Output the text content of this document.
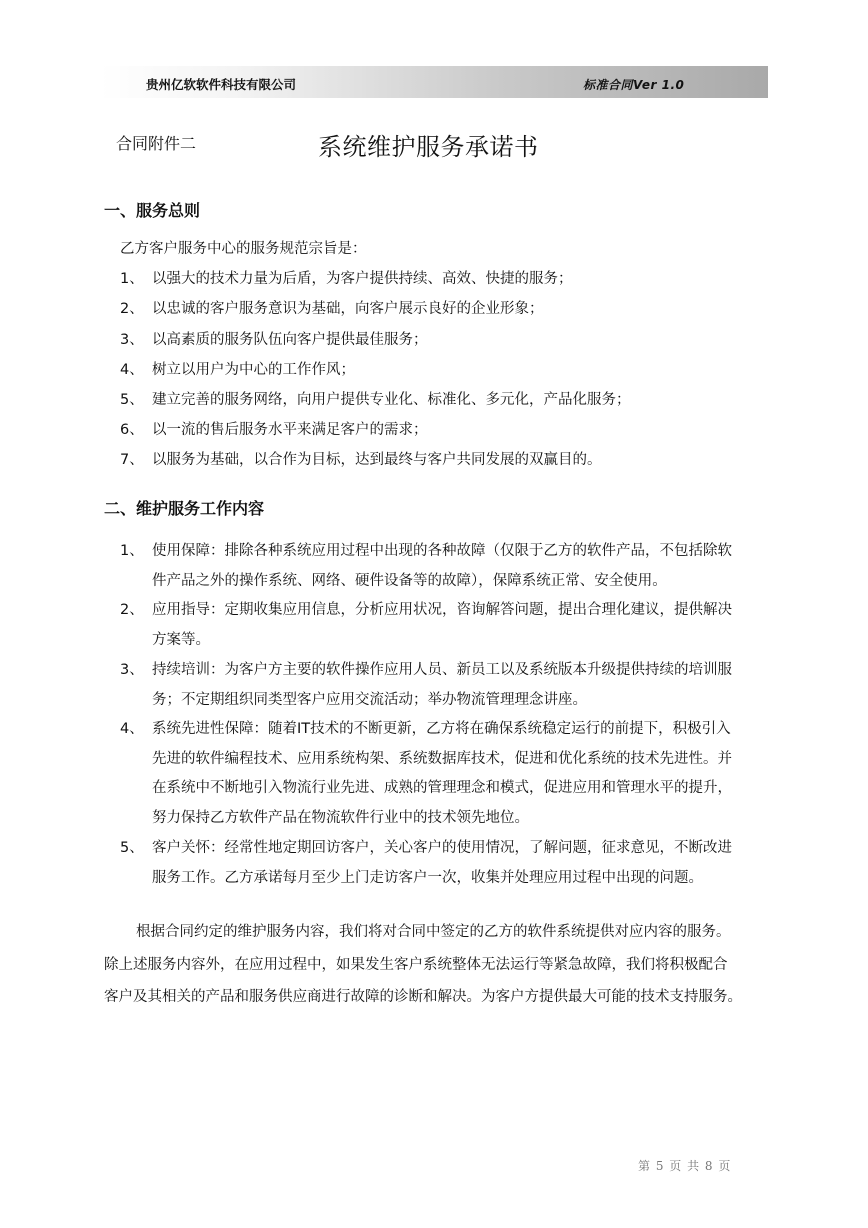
贵州亿软软件科技有限公司	标准合同Ver 1.0
合同附件二	系统维护服务承诺书
一、服务总则
乙方客户服务中心的服务规范宗旨是：
1、 以强大的技术力量为后盾，为客户提供持续、高效、快捷的服务；
2、 以忠诚的客户服务意识为基础，向客户展示良好的企业形象；
3、 以高素质的服务队伍向客户提供最佳服务；
4、 树立以用户为中心的工作作风；
5、 建立完善的服务网络，向用户提供专业化、标准化、多元化，产品化服务；
6、 以一流的售后服务水平来满足客户的需求；
7、 以服务为基础，以合作为目标，达到最终与客户共同发展的双赢目的。
二、维护服务工作内容
1、 使用保障：排除各种系统应用过程中出现的各种故障（仅限于乙方的软件产品，不包括除软
件产品之外的操作系统、网络、硬件设备等的故障），保障系统正常、安全使用。
2、 应用指导：定期收集应用信息，分析应用状况，咨询解答问题，提出合理化建议，提供解决
方案等。
3、 持续培训：为客户方主要的软件操作应用人员、新员工以及系统版本升级提供持续的培训服
务；不定期组织同类型客户应用交流活动；举办物流管理理念讲座。
4、 系统先进性保障：随着IT技术的不断更新，乙方将在确保系统稳定运行的前提下，积极引入
先进的软件编程技术、应用系统构架、系统数据库技术，促进和优化系统的技术先进性。并
在系统中不断地引入物流行业先进、成熟的管理理念和模式，促进应用和管理水平的提升，
努力保持乙方软件产品在物流软件行业中的技术领先地位。
5、 客户关怀：经常性地定期回访客户，关心客户的使用情况，了解问题，征求意见，不断改进
服务工作。乙方承诺每月至少上门走访客户一次，收集并处理应用过程中出现的问题。
根据合同约定的维护服务内容，我们将对合同中签定的乙方的软件系统提供对应内容的服务。
除上述服务内容外，在应用过程中，如果发生客户系统整体无法运行等紧急故障，我们将积极配合
客户及其相关的产品和服务供应商进行故障的诊断和解决。为客户方提供最大可能的技术支持服务。
第 5 页 共 8 页
